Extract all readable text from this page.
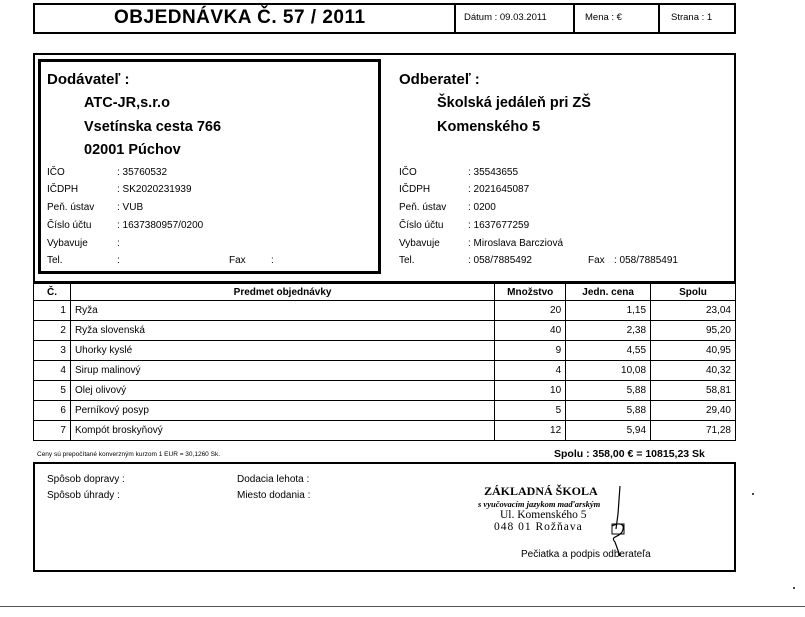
OBJEDNÁVKA Č. 57 / 2011	Dátum : 09.03.2011	Mena : €	Strana : 1
Dodávateľ :
ATC-JR,s.r.o
Vsetínska cesta 766
02001 Púchov
IČO	: 35760532
IČDPH	: SK2020231939
Peň. ústav : VUB
Číslo účtu	: 1637380957/0200
Vybavuje	:
Tel.	:	Fax	:
Odberateľ :
Školská jedáleň pri ZŠ
Komenského 5
IČO	: 35543655
IČDPH	: 2021645087
Peň. ústav : 0200
Číslo účtu : 1637677259
Vybavuje	: Miroslava Barcziová
Tel.	: 058/7885492	Fax : 058/7885491
Č.	Predmet objednávky	Množstvo	Jedn. cena	Spolu
1	Ryža	20	1,15	23,04
2	Ryža slovenská	40	2,38	95,20
3	Uhorky kyslé	9	4,55	40,95
4	Sirup malinový	4	10,08	40,32
5	Olej olivový	10	5,88	58,81
6	Perníkový posyp	5	5,88	29,40
7	Kompót broskyňový	12	5,94	71,28
Ceny sú prepočítané konverzným kurzom 1 EUR = 30,1260 Sk.	Spolu : 358,00 € = 10815,23 Sk
Spôsob dopravy :
Spôsob úhrady :
Dodacia lehota :
Miesto dodania :	ZÁKLADNÁ ŠKOLA
s vyučovacím jazykom maďarským
Ul. Komenského 5
048 01 Rožňava
Pečiatka a podpis odberateľa
